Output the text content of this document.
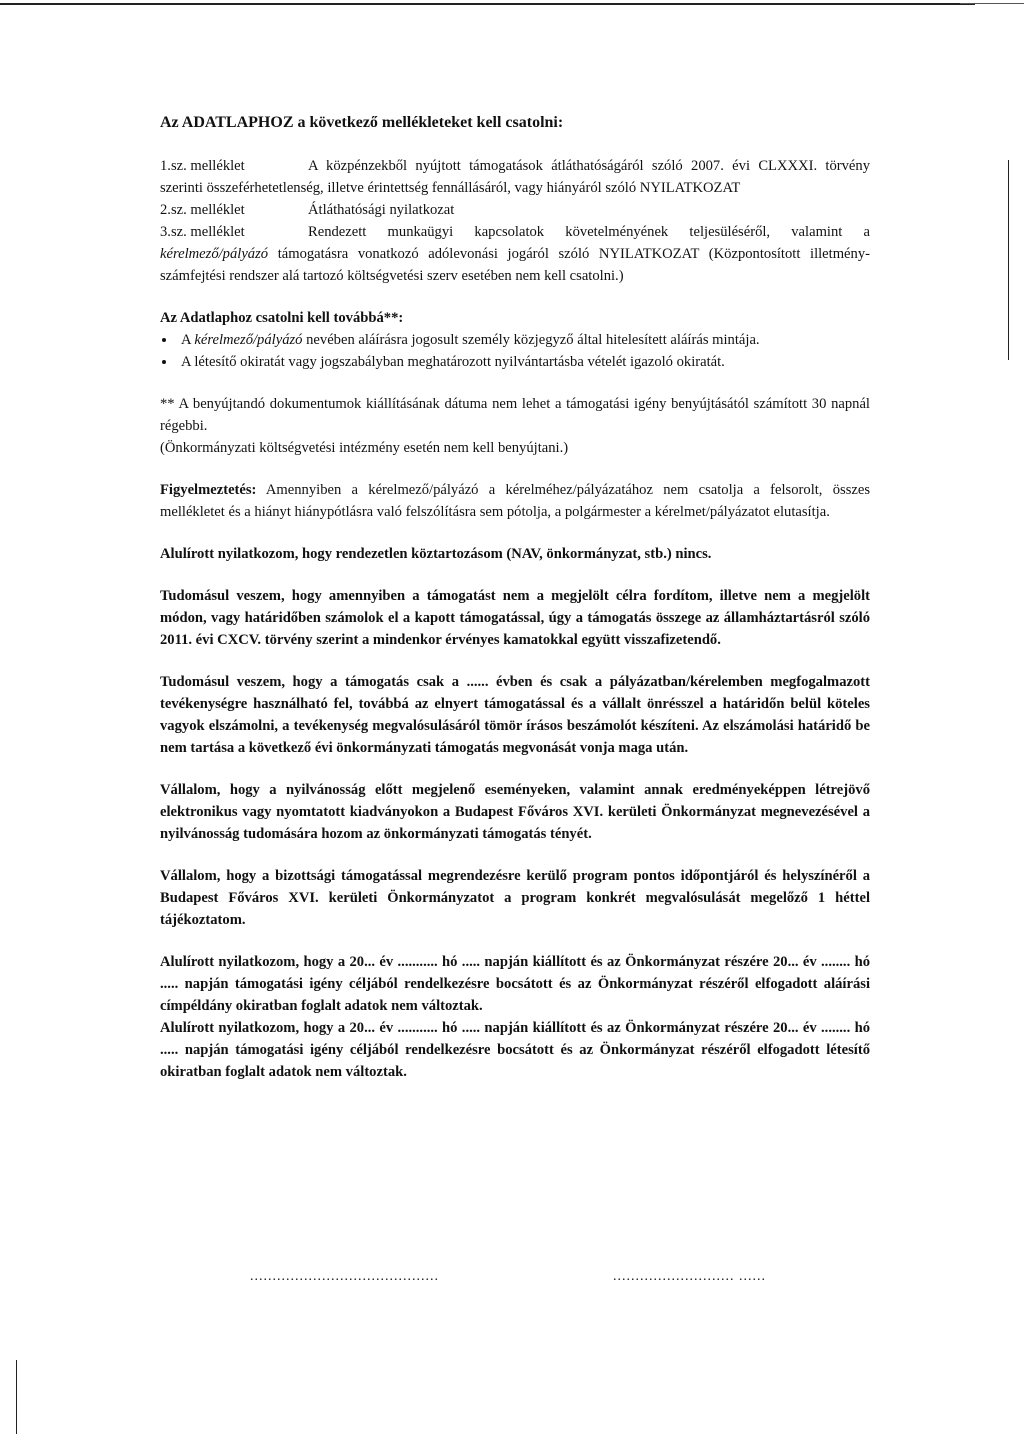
Az ADATLAPHOZ a következő mellékleteket kell csatolni:

1.sz. melléklet	A közpénzekből nyújtott támogatások átláthatóságáról szóló 2007. évi CLXXXI. törvény szerinti összeférhetetlenség, illetve érintettség fennállásáról, vagy hiányáról szóló NYILATKOZAT

2.sz. melléklet	Átláthatósági nyilatkozat

3.sz. melléklet	Rendezett munkaügyi kapcsolatok követelményének teljesüléséről, valamint a kérelmező/pályázó támogatásra vonatkozó adólevonási jogáról szóló NYILATKOZAT (Központosított illetmény-számfejtési rendszer alá tartozó költségvetési szerv esetében nem kell csatolni.)

Az Adatlaphoz csatolni kell továbbá**:

A kérelmező/pályázó nevében aláírásra jogosult személy közjegyző által hitelesített aláírás mintája.
A létesítő okiratát vagy jogszabályban meghatározott nyilvántartásba vételét igazoló okiratát.

** A benyújtandó dokumentumok kiállításának dátuma nem lehet a támogatási igény benyújtásától számított 30 napnál régebbi.

(Önkormányzati költségvetési intézmény esetén nem kell benyújtani.)

Figyelmeztetés: Amennyiben a kérelmező/pályázó a kérelméhez/pályázatához nem csatolja a felsorolt, összes mellékletet és a hiányt hiánypótlásra való felszólításra sem pótolja, a polgármester a kérelmet/pályázatot elutasítja.

Alulírott nyilatkozom, hogy rendezetlen köztartozásom (NAV, önkormányzat, stb.) nincs.

Tudomásul veszem, hogy amennyiben a támogatást nem a megjelölt célra fordítom, illetve nem a megjelölt módon, vagy határidőben számolok el a kapott támogatással, úgy a támogatás összege az államháztartásról szóló 2011. évi CXCV. törvény szerint a mindenkor érvényes kamatokkal együtt visszafizetendő.

Tudomásul veszem, hogy a támogatás csak a ...... évben és csak a pályázatban/kérelemben megfogalmazott tevékenységre használható fel, továbbá az elnyert támogatással és a vállalt önrésszel a határidőn belül köteles vagyok elszámolni, a tevékenység megvalósulásáról tömör írásos beszámolót készíteni. Az elszámolási határidő be nem tartása a következő évi önkormányzati támogatás megvonását vonja maga után.

Vállalom, hogy a nyilvánosság előtt megjelenő eseményeken, valamint annak eredményeképpen létrejövő elektronikus vagy nyomtatott kiadványokon a Budapest Főváros XVI. kerületi Önkormányzat megnevezésével a nyilvánosság tudomására hozom az önkormányzati támogatás tényét.

Vállalom, hogy a bizottsági támogatással megrendezésre kerülő program pontos időpontjáról és helyszínéről a Budapest Főváros XVI. kerületi Önkormányzatot a program konkrét megvalósulását megelőző 1 héttel tájékoztatom.

Alulírott nyilatkozom, hogy a 20... év ........... hó ..... napján kiállított és az Önkormányzat részére 20... év ........ hó ..... napján támogatási igény céljából rendelkezésre bocsátott és az Önkormányzat részéről elfogadott aláírási címpéldány okiratban foglalt adatok nem változtak.

Alulírott nyilatkozom, hogy a 20... év ........... hó ..... napján kiállított és az Önkormányzat részére 20... év ........ hó ..... napján támogatási igény céljából rendelkezésre bocsátott és az Önkormányzat részéről elfogadott létesítő okiratban foglalt adatok nem változtak.

..........................................	........................... ......
